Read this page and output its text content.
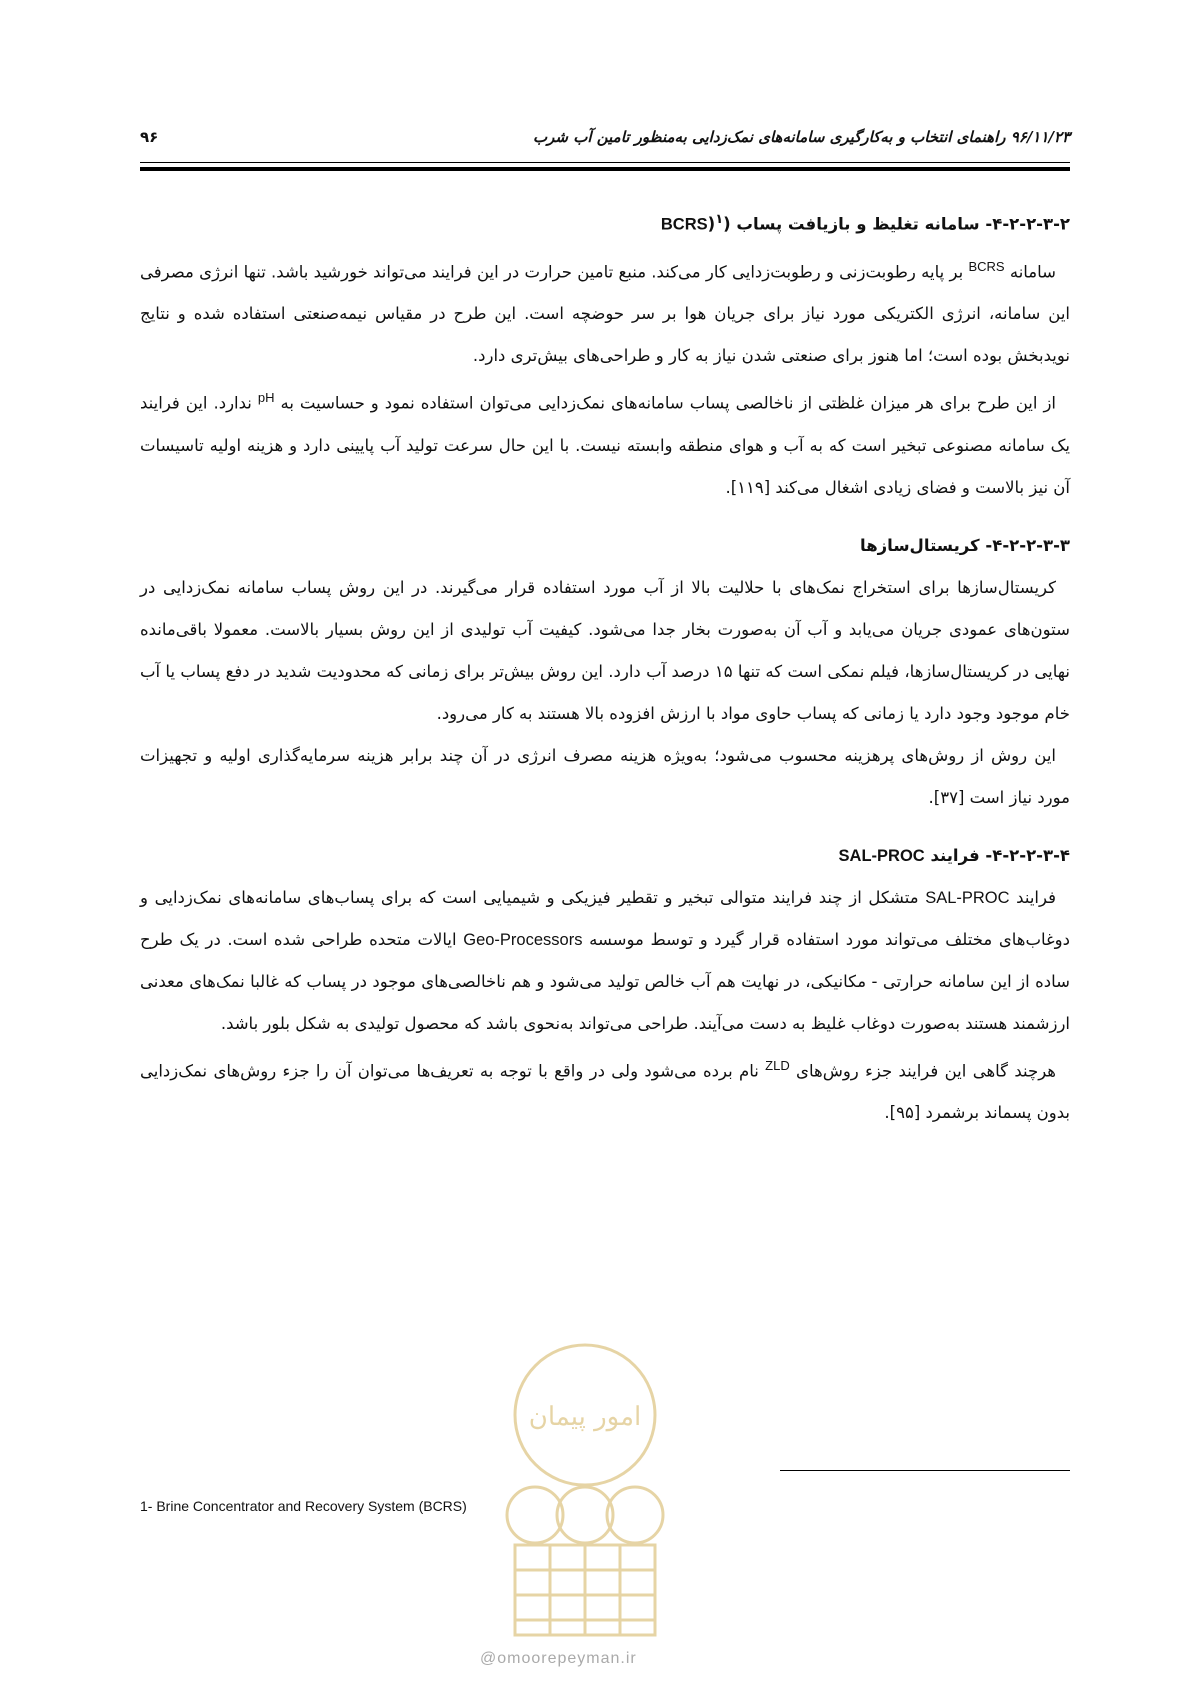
۹۶/۱۱/۲۳ راهنمای انتخاب و به‌کارگیری سامانه‌های نمک‌زدایی به‌منظور تامین آب شرب
۹۶
۴-۲-۲-۳-۲- سامانه تغلیظ و بازیافت پساب (BCRS)$^۱$

سامانه $^{BCRS}$ بر پایه رطوبت‌زنی و رطوبت‌زدایی کار می‌کند. منبع تامین حرارت در این فرایند می‌تواند خورشید باشد. تنها انرژی مصرفی این سامانه، انرژی الکتریکی مورد نیاز برای جریان هوا بر سر حوضچه است. این طرح در مقیاس نیمه‌صنعتی استفاده شده و نتایج نویدبخش بوده است؛ اما هنوز برای صنعتی شدن نیاز به کار و طراحی‌های بیش‌تری دارد.

از این طرح برای هر میزان غلظتی از ناخالصی پساب سامانه‌های نمک‌زدایی می‌توان استفاده نمود و حساسیت به $^{pH}$ ندارد. این فرایند یک سامانه مصنوعی تبخیر است که به آب و هوای منطقه وابسته نیست. با این حال سرعت تولید آب پایینی دارد و هزینه اولیه تاسیسات آن نیز بالاست و فضای زیادی اشغال می‌کند [۱۱۹].

۴-۲-۲-۳-۳- کریستال‌سازها

کریستال‌سازها برای استخراج نمک‌های با حلالیت بالا از آب مورد استفاده قرار می‌گیرند. در این روش پساب سامانه نمک‌زدایی در ستون‌های عمودی جریان می‌یابد و آب آن به‌صورت بخار جدا می‌شود. کیفیت آب تولیدی از این روش بسیار بالاست. معمولا باقی‌مانده نهایی در کریستال‌سازها، فیلم نمکی است که تنها ۱۵ درصد آب دارد. این روش بیش‌تر برای زمانی که محدودیت شدید در دفع پساب یا آب خام موجود وجود دارد یا زمانی که پساب حاوی مواد با ارزش افزوده بالا هستند به کار می‌رود.

این روش از روش‌های پرهزینه محسوب می‌شود؛ به‌ویژه هزینه مصرف انرژی در آن چند برابر هزینه سرمایه‌گذاری اولیه و تجهیزات مورد نیاز است [۳۷].

۴-۲-۲-۳-۴- فرایند SAL-PROC

فرایند SAL-PROC متشکل از چند فرایند متوالی تبخیر و تقطیر فیزیکی و شیمیایی است که برای پساب‌های سامانه‌های نمک‌زدایی و دوغاب‌های مختلف می‌تواند مورد استفاده قرار گیرد و توسط موسسه Geo-Processors ایالات متحده طراحی شده است. در یک طرح ساده از این سامانه حرارتی - مکانیکی، در نهایت هم آب خالص تولید می‌شود و هم ناخالصی‌های موجود در پساب که غالبا نمک‌های معدنی ارزشمند هستند به‌صورت دوغاب غلیظ به دست می‌آیند. طراحی می‌تواند به‌نحوی باشد که محصول تولیدی به شکل بلور باشد.

هرچند گاهی این فرایند جزء روش‌های $^{ZLD}$ نام برده می‌شود ولی در واقع با توجه به تعریف‌ها می‌توان آن را جزء روش‌های نمک‌زدایی بدون پسماند برشمرد [۹۵].

1- Brine Concentrator and Recovery System (BCRS)
امور پیمان
@omoorepeyman.ir
